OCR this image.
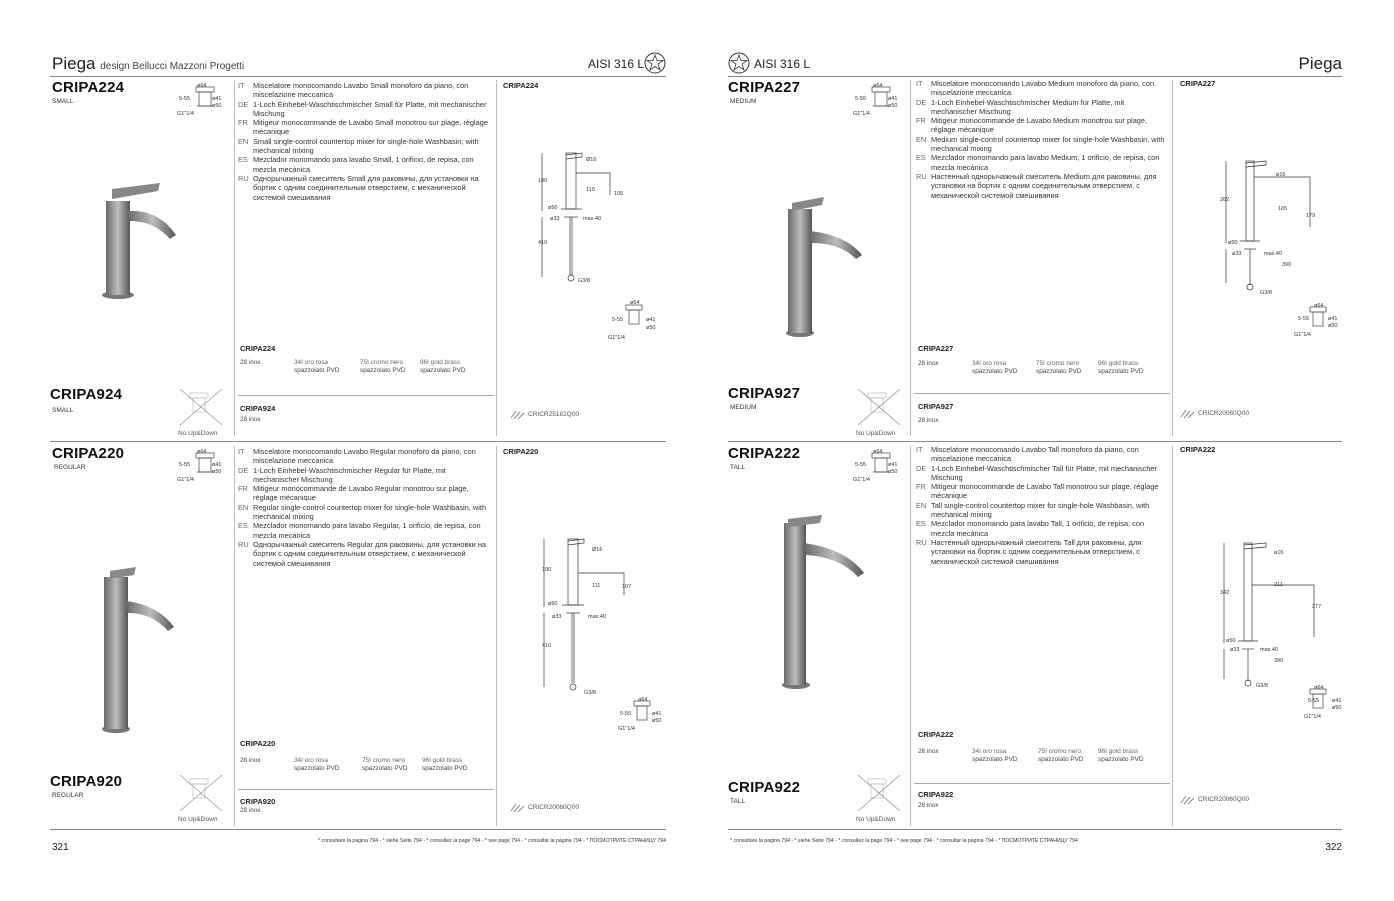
Piega design Bellucci Mazzoni Progetti	AISI 316 L	AISI 316 L	Piega
CRIPA224
SMALL
ø64
5-55	ø41
ø50
G1"1/4
IT	Miscelatore monocomando Lavabo Small monoforo da piano, con miscelazione meccanica
DE 1-Loch Einhebel-Waschtischmischer Small für Platte, mit mechanischer Mischung
FR Mitigeur monocommande de Lavabo Small monotrou sur plage, réglage mécanique
EN Small single-control countertop mixer for single-hole Washbasin, with mechanical mixing
ES Mezclador monomando para lavabo Small, 1 orificio, de repisa, con mezcla mecánica
RU Однорычажный смеситель Small для раковины, для установки на бортик с одним соединительным отверстием, с механической системой смешивания
CRIPA224
Ø16
180
110
105
ø50
ø33	max.40
410
G3/8
ø64
5-55	ø41
ø50
G1"1/4
CRIPA224
28 inox	34I oro rosa
spazzolato PVD
75I cromo nero
spazzolato PVD
96I gold brass
spazzolato PVD
CRIPA924
SMALL
No Up&Down
CRIPA924
28 inox
CRICR25182Q00
CRIPA220
REGULAR
ø64
5-55	ø41
ø50
G1"1/4
IT	Miscelatore monocomando Lavabo Regular monoforo da piano, con miscelazione meccanica
DE 1-Loch Einhebel-Waschtischmischer Regular für Platte, mit mechanischer Mischung
FR Mitigeur monocommande de Lavabo Regular monotrou sur plage, réglage mécanique
EN Regular single-control countertop mixer for single-hole Washbasin, with mechanical mixing
ES Mezclador monomando para lavabo Regular, 1 orificio, de repisa, con mezcla mecánica
RU Однорычажный смеситель Regular для раковины, для установки на бортик с одним соединительным отверстием, с механической системой смешивания
CRIPA220
Ø16
190
111	107
ø50
ø33	max.40
410
G3/8
ø64
5-55	ø41
ø50
G1"1/4
CRIPA220
28 inox	34I oro rosa
spazzolato PVD
75I cromo nero
spazzolato PVD
96I gold brass
spazzolato PVD
CRIPA920
REGULAR
No Up&Down
CRIPA920
28 inox	CRICR20060Q00
CRIPA227
MEDIUM
ø64
5-55	ø41
ø50
G1"1/4
IT	Miscelatore monocomando Lavabo Medium monoforo da piano, con miscelazione meccanica
DE 1-Loch Einhebel-Waschtischmischer Medium für Platte, mit mechanischer Mischung
FR Mitigeur monocommande de Lavabo Medium monotrou sur plage, réglage mécanique
EN Medium single-control countertop mixer for single-hole Washbasin, with mechanical mixing
ES Mezclador monomando para lavabo Medium, 1 orificio, de repisa, con mezcla mecánica
RU Настенный однорычажный смеситель Medium для раковины, для установки на бортик с одним соединительным отверстием, с механической системой смешивания
CRIPA227
ø16
262
165
179
ø50
ø33	max.40
390
G3/8
ø64
5-55	ø41
ø50
G1"1/4
CRIPA227
28 inox	34I oro rosa
spazzolato PVD
75I cromo nero
spazzolato PVD
96I gold brass
spazzolato PVD
CRIPA927
MEDIUM
No Up&Down
CRIPA927
28 inox
CRICR20060Q00
CRIPA222
TALL
ø64
5-55	ø41
ø50
G1"1/4
IT	Miscelatore monocomando Lavabo Tall monoforo da piano, con miscelazione meccanica
DE 1-Loch Einhebel-Waschtischmischer Tall für Platte, mit mechanischer Mischung
FR Mitigeur monocommande de Lavabo Tall monotrou sur plage, réglage mécanique
EN Tall single-control countertop mixer for single-hole Washbasin, with mechanical mixing
ES Mezclador monomando para lavabo Tall, 1 orificio, de repisa, con mezcla mecánica
RU Настенный однорычажный смеситель Tall для раковины, для установки на бортик с одним соединительным отверстием, с механической системой смешивания
CRIPA222
ø16
342
211
277
ø50
ø33	max.40
390
G3/8	ø64
5-55 ø41
ø50
G1"1/4
CRIPA222
28 inox	34I oro rosa
spazzolato PVD
75I cromo nero
spazzolato PVD
96I gold brass
spazzolato PVD
CRIPA922
TALL
No Up&Down
CRIPA922
28 inox
CRICR20060Q00
* consultare la pagina 794 - * siehe Seite 794 - * consultez la page 794 - * see page 794 - * consultar la página 794 - * ПОСМОТРИТЕ СТРАНИЦУ 794
321
* consultare la pagina 794 - * siehe Seite 794 - * consultez la page 794 - * see page 794 - * consultar la página 794 - * ПОСМОТРИТЕ СТРАНИЦУ 794
322
